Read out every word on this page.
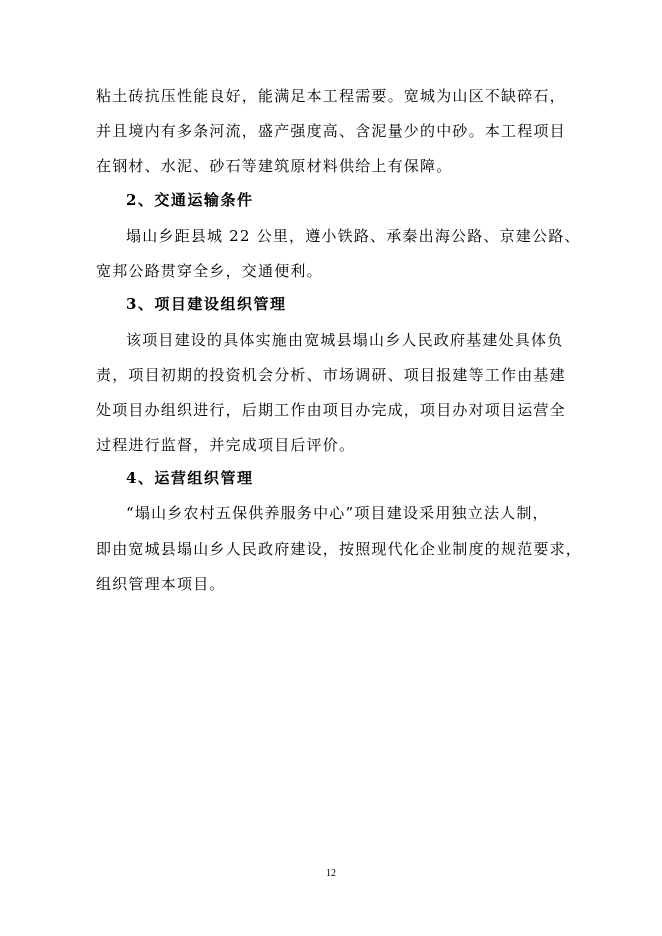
粘土砖抗压性能良好，能满足本工程需要。宽城为山区不缺碎石，
并且境内有多条河流，盛产强度高、含泥量少的中砂。本工程项目
在钢材、水泥、砂石等建筑原材料供给上有保障。
2、交通运输条件
塌山乡距县城 22 公里，遵小铁路、承秦出海公路、京建公路、
宽邦公路贯穿全乡，交通便利。
3、项目建设组织管理
该项目建设的具体实施由宽城县塌山乡人民政府基建处具体负
责，项目初期的投资机会分析、市场调研、项目报建等工作由基建
处项目办组织进行，后期工作由项目办完成，项目办对项目运营全
过程进行监督，并完成项目后评价。
4、运营组织管理
“塌山乡农村五保供养服务中心”项目建设采用独立法人制，
即由宽城县塌山乡人民政府建设，按照现代化企业制度的规范要求，
组织管理本项目。
12
